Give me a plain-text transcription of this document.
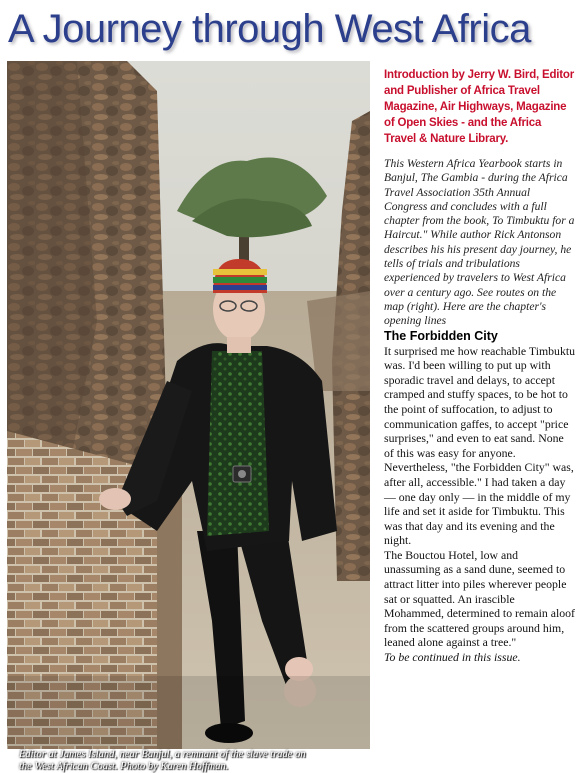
A Journey through West Africa
Editor at James Island, near Banjul, a remnant of the slave trade on the West African Coast. Photo by Karen Hoffman.

Introduction by Jerry W. Bird, Editor and Publisher of Africa Travel Magazine, Air Highways, Magazine of Open Skies - and the Africa Travel & Nature Library.

This Western Africa Yearbook starts in Banjul, The Gambia - during the Africa Travel Association 35th Annual Congress and concludes with a full chapter from the book, To Timbuktu for a Haircut." While author Rick Antonson describes his his present day journey, he tells of trials and tribulations experienced by travelers to West Africa over a century ago. See routes on the map (right). Here are the chapter's opening lines

The Forbidden City

It surprised me how reachable Timbuktu was. I'd been willing to put up with sporadic travel and delays, to accept cramped and stuffy spaces, to be hot to the point of suffocation, to adjust to communication gaffes, to accept "price surprises," and even to eat sand. None of this was easy for anyone. Nevertheless, "the Forbidden City" was, after all, accessible." I had taken a day — one day only — in the middle of my life and set it aside for Timbuktu. This was that day and its evening and the night.

The Bouctou Hotel, low and unassuming as a sand dune, seemed to attract litter into piles wherever people sat or squatted. An irascible Mohammed, determined to remain aloof from the scattered groups around him, leaned alone against a tree."

To be continued in this issue.
